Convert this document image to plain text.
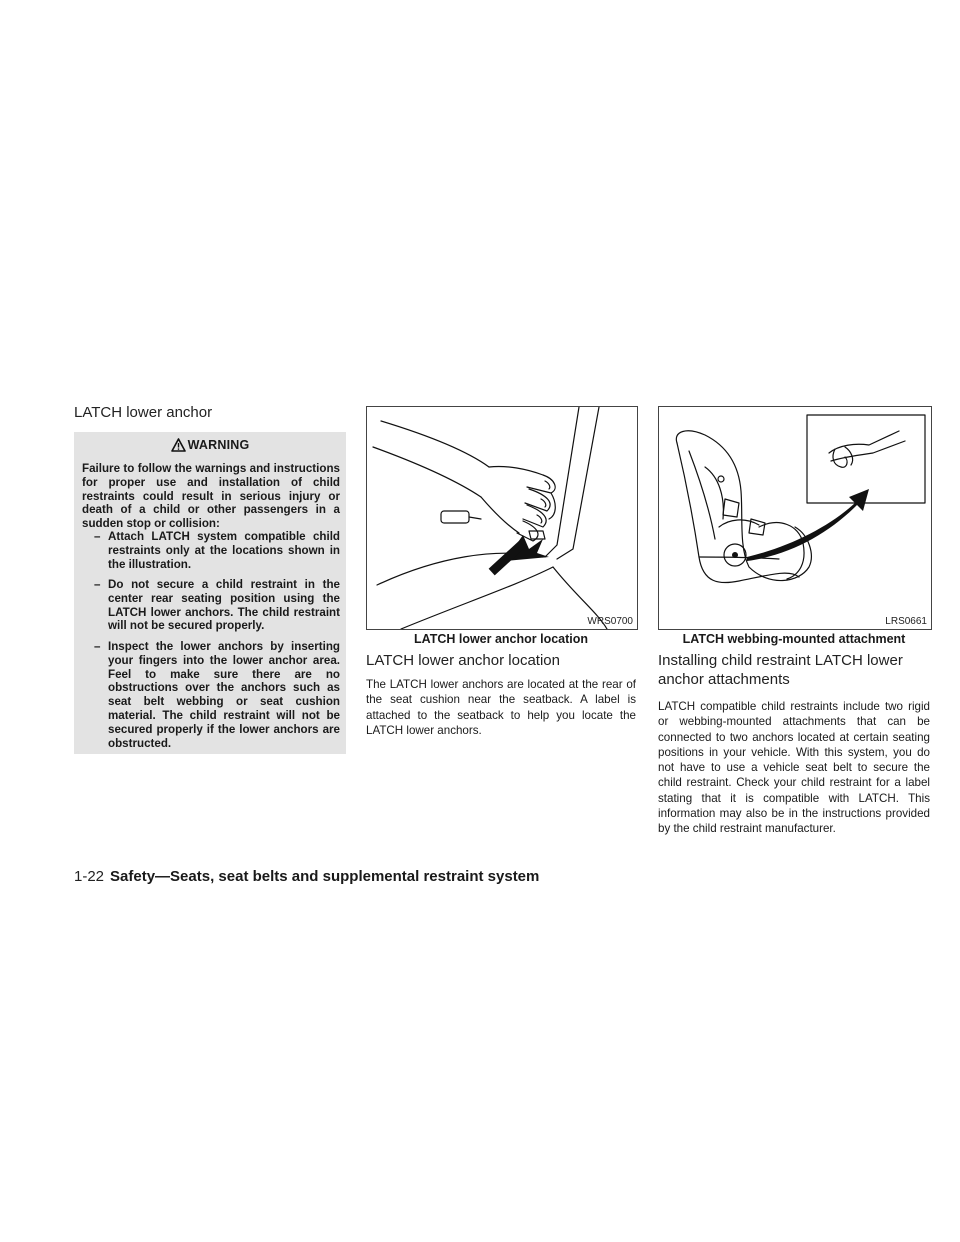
LATCH lower anchor
WARNING

Failure to follow the warnings and instructions for proper use and installation of child restraints could result in serious injury or death of a child or other passengers in a sudden stop or collision:

– Attach LATCH system compatible child restraints only at the locations shown in the illustration.

– Do not secure a child restraint in the center rear seating position using the LATCH lower anchors. The child restraint will not be secured properly.

– Inspect the lower anchors by inserting your fingers into the lower anchor area. Feel to make sure there are no obstructions over the anchors such as seat belt webbing or seat cushion material. The child restraint will not be secured properly if the lower anchors are obstructed.

WRS0700
LATCH lower anchor location
LATCH lower anchor location

The LATCH lower anchors are located at the rear of the seat cushion near the seatback. A label is attached to the seatback to help you locate the LATCH lower anchors.

LRS0661
LATCH webbing-mounted attachment
Installing child restraint LATCH lower anchor attachments

LATCH compatible child restraints include two rigid or webbing-mounted attachments that can be connected to two anchors located at certain seating positions in your vehicle. With this system, you do not have to use a vehicle seat belt to secure the child restraint. Check your child restraint for a label stating that it is compatible with LATCH. This information may also be in the instructions provided by the child restraint manufacturer.

1-22 Safety—Seats, seat belts and supplemental restraint system
